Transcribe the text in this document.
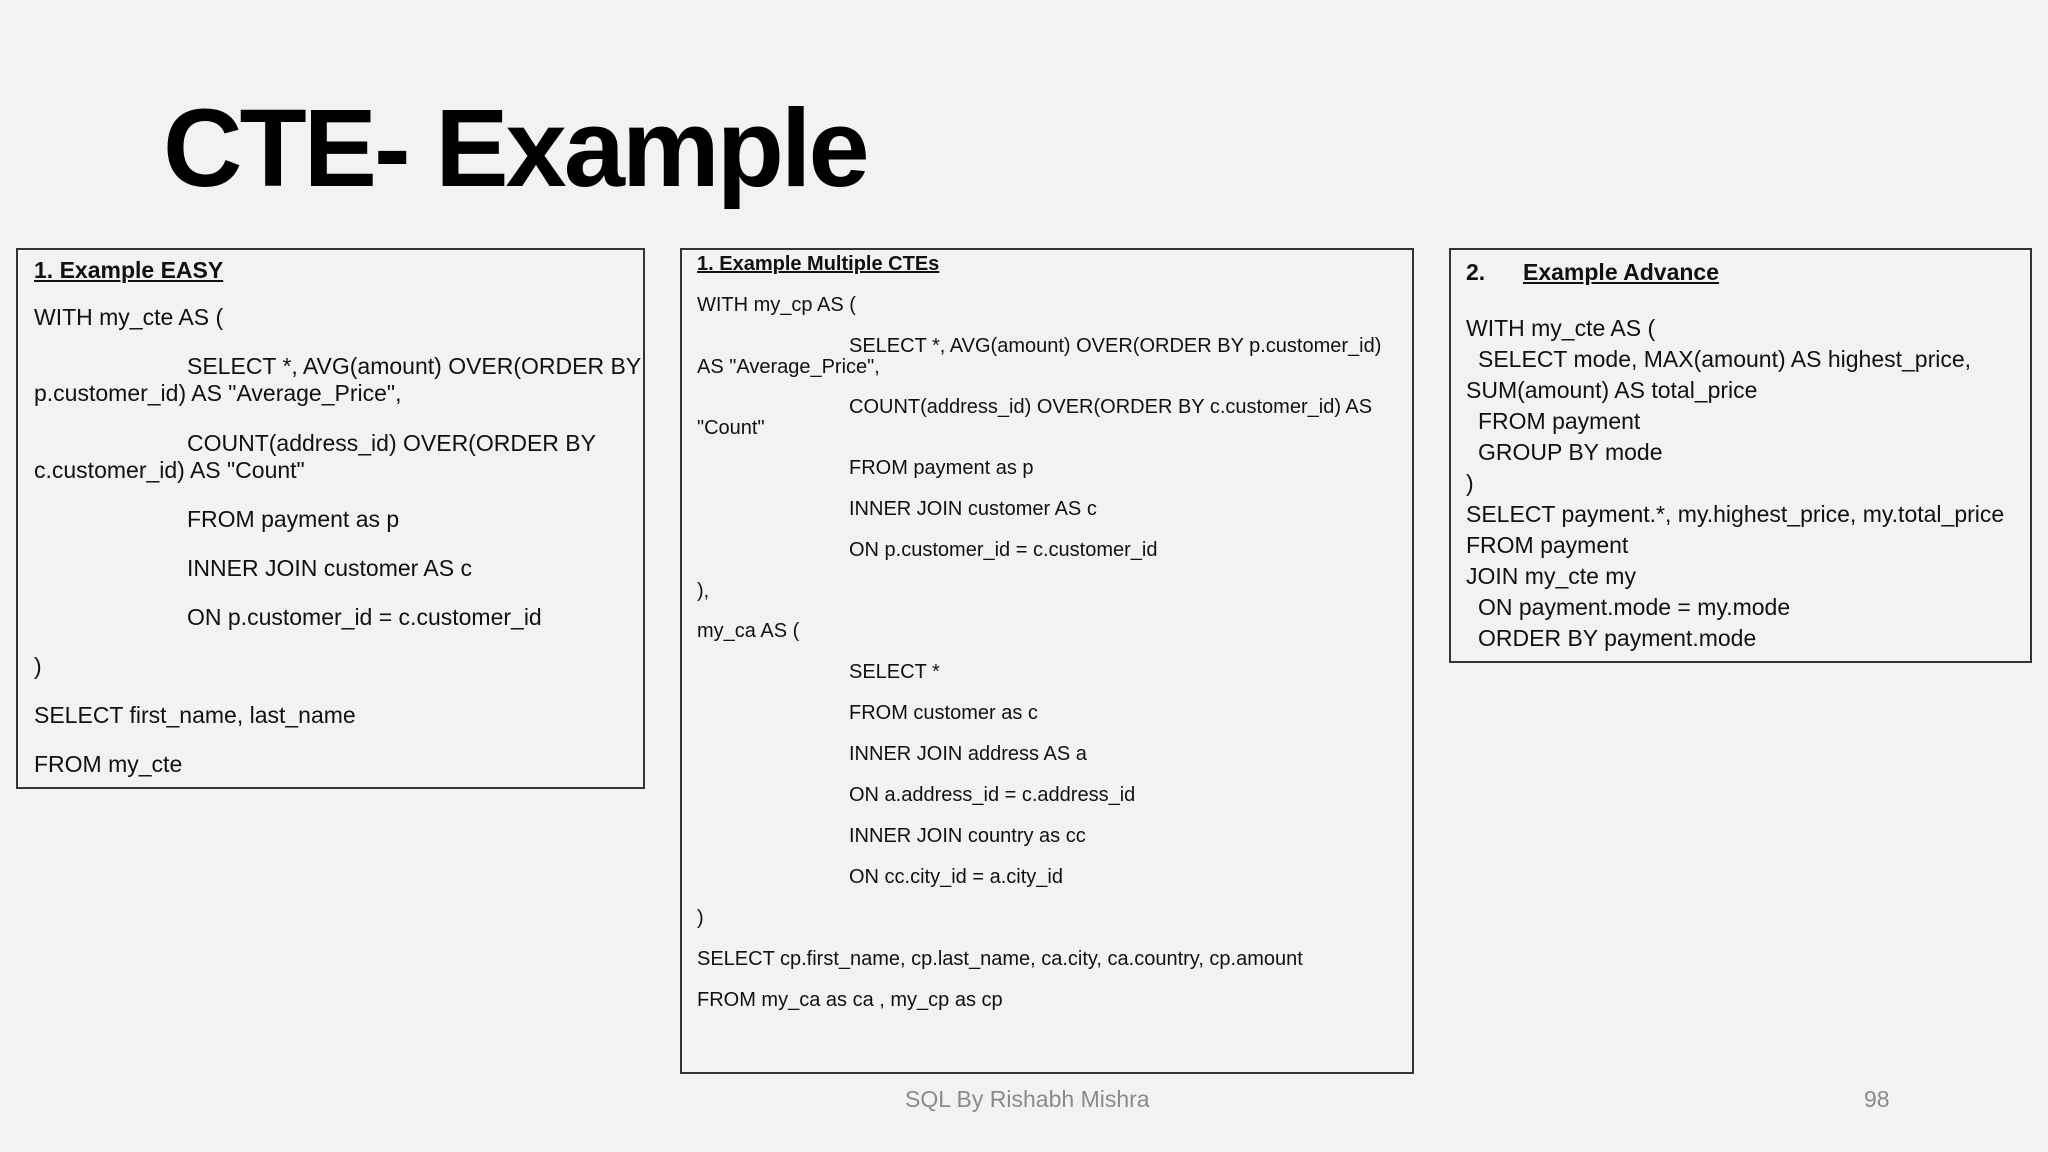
CTE- Example
1. Example EASY
WITH my_cte AS (
SELECT *, AVG(amount) OVER(ORDER BY
p.customer_id) AS "Average_Price",
COUNT(address_id) OVER(ORDER BY
c.customer_id) AS "Count"
FROM payment as p
INNER JOIN customer AS c
ON p.customer_id = c.customer_id
)
SELECT first_name, last_name
FROM my_cte
1. Example Multiple CTEs
WITH my_cp AS (
SELECT *, AVG(amount) OVER(ORDER BY p.customer_id)
AS "Average_Price",
COUNT(address_id) OVER(ORDER BY c.customer_id) AS
"Count"
FROM payment as p
INNER JOIN customer AS c
ON p.customer_id = c.customer_id
),
my_ca AS (
SELECT *
FROM customer as c
INNER JOIN address AS a
ON a.address_id = c.address_id
INNER JOIN country as cc
ON cc.city_id = a.city_id
)
SELECT cp.first_name, cp.last_name, ca.city, ca.country, cp.amount
FROM my_ca as ca , my_cp as cp
2. Example Advance
WITH my_cte AS (
SELECT mode, MAX(amount) AS highest_price,
SUM(amount) AS total_price
FROM payment
GROUP BY mode
)
SELECT payment.*, my.highest_price, my.total_price
FROM payment
JOIN my_cte my
ON payment.mode = my.mode
ORDER BY payment.mode
SQL By Rishabh Mishra	98
